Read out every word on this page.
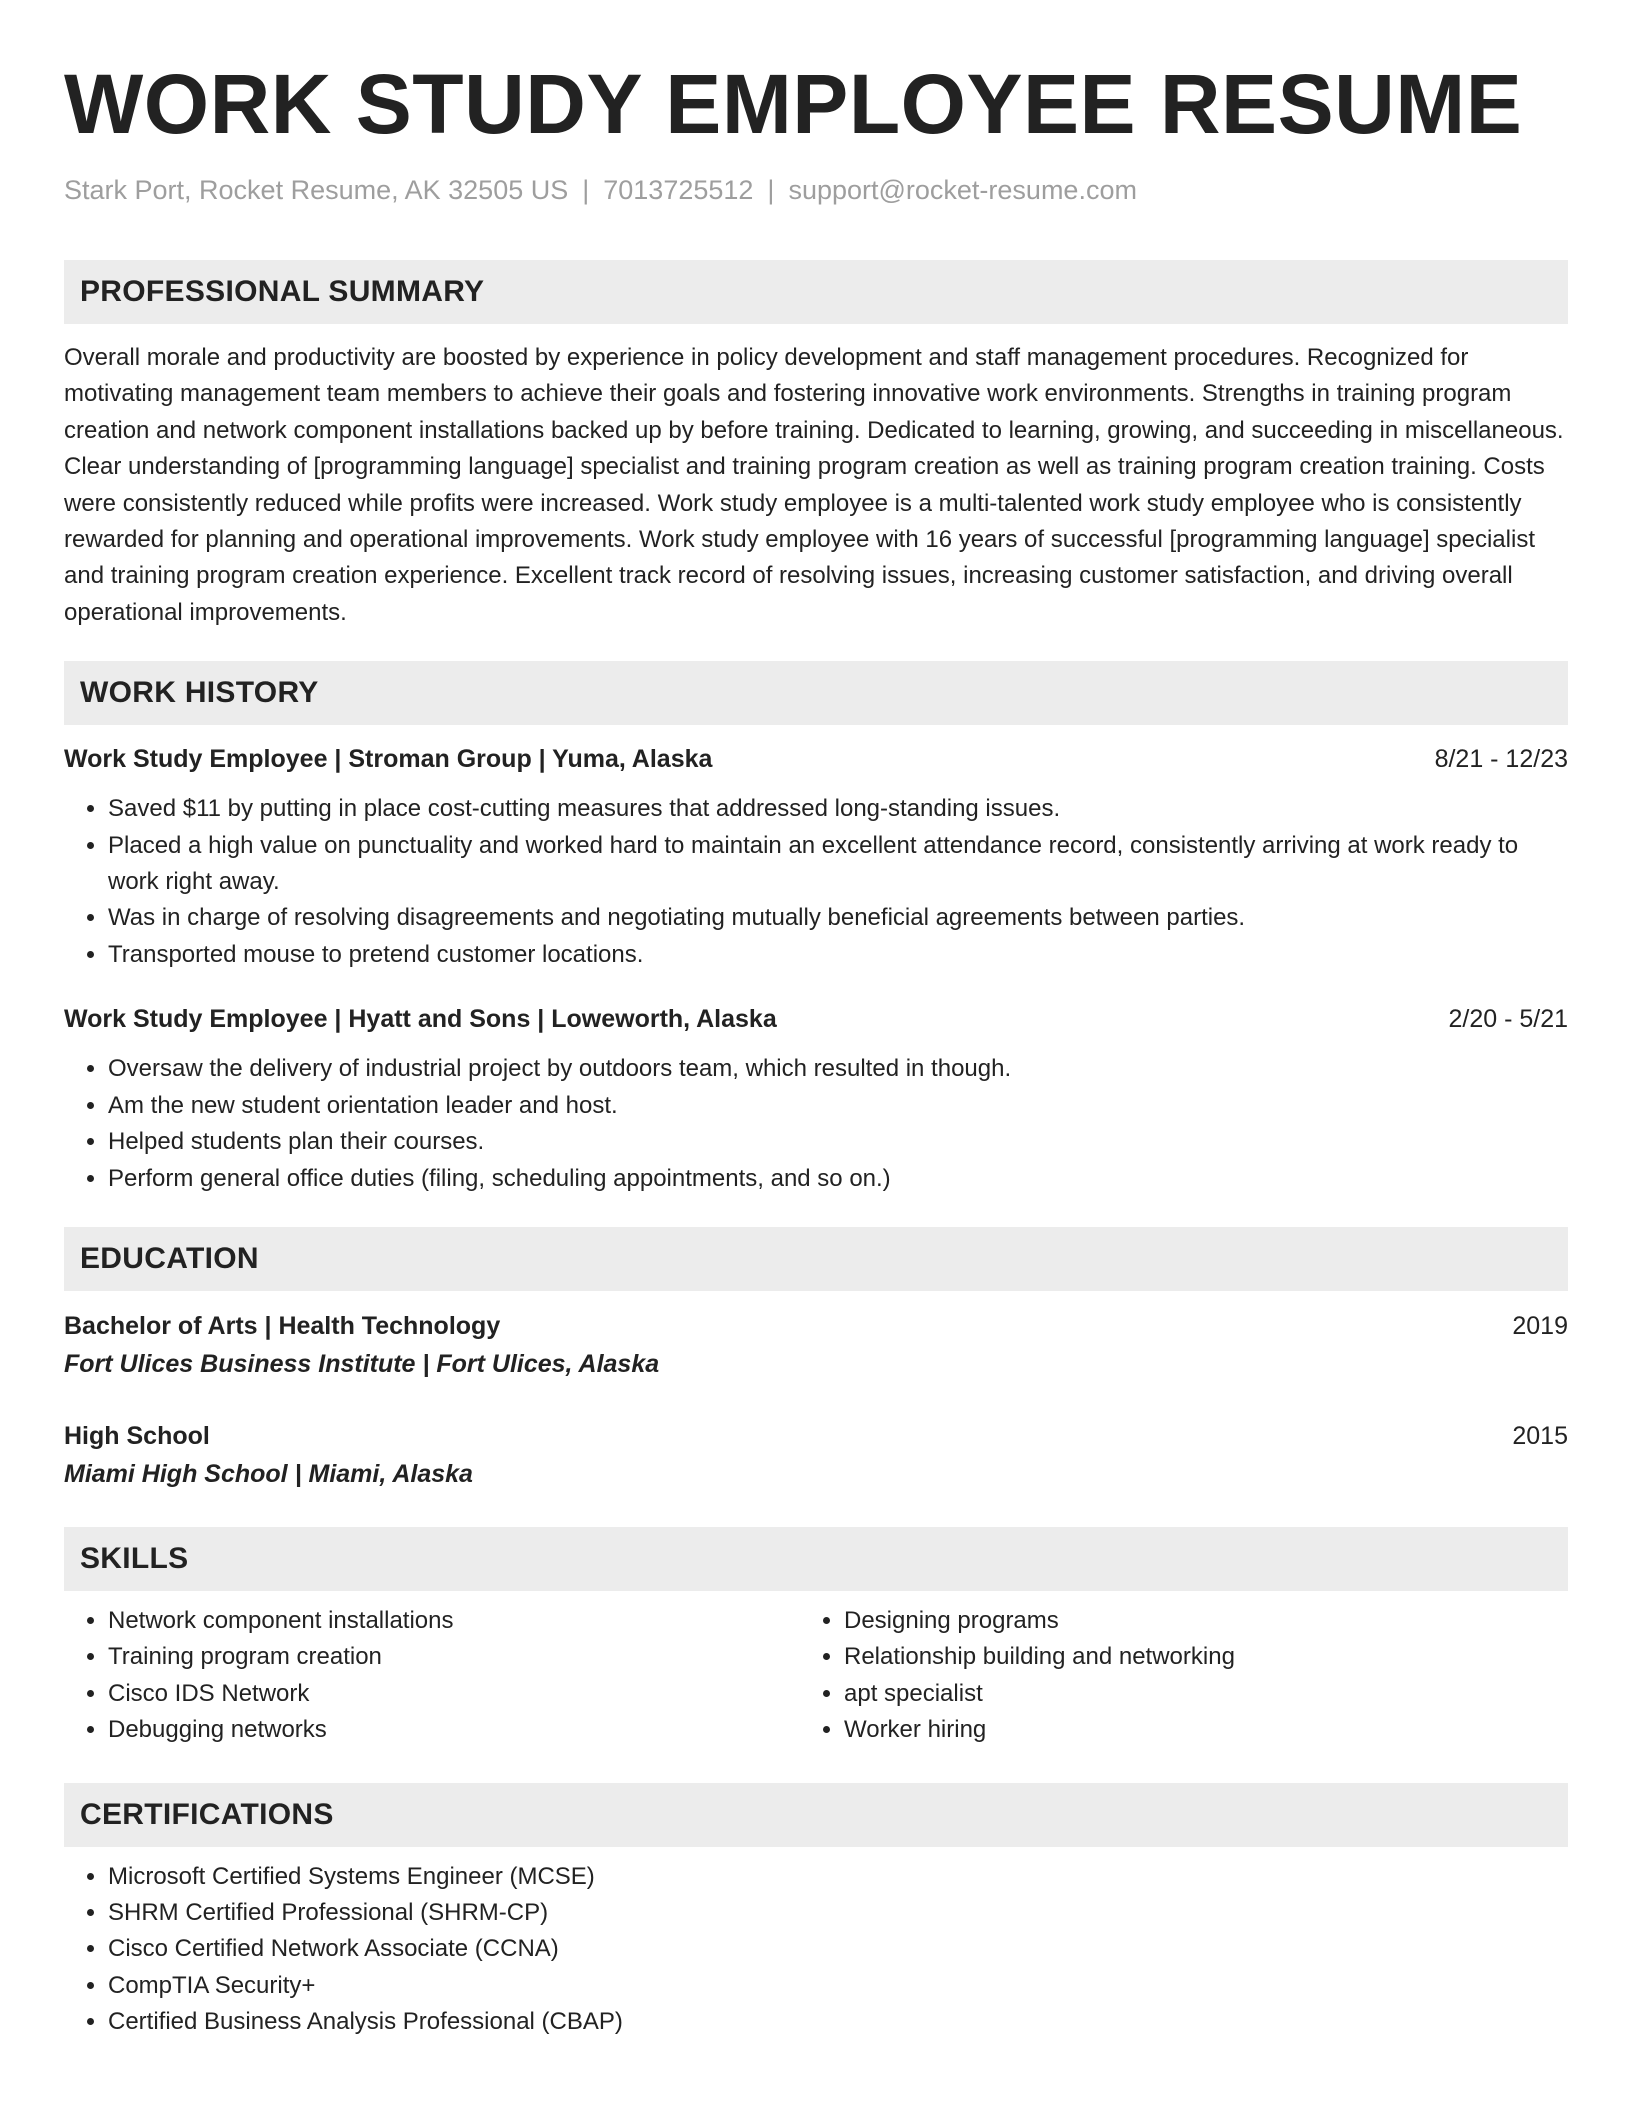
WORK STUDY EMPLOYEE RESUME
Stark Port, Rocket Resume, AK 32505 US | 7013725512 | support@rocket-resume.com
PROFESSIONAL SUMMARY

Overall morale and productivity are boosted by experience in policy development and staff management procedures. Recognized for motivating management team members to achieve their goals and fostering innovative work environments. Strengths in training program creation and network component installations backed up by before training. Dedicated to learning, growing, and succeeding in miscellaneous. Clear understanding of [programming language] specialist and training program creation as well as training program creation training. Costs were consistently reduced while profits were increased. Work study employee is a multi-talented work study employee who is consistently rewarded for planning and operational improvements. Work study employee with 16 years of successful [programming language] specialist and training program creation experience. Excellent track record of resolving issues, increasing customer satisfaction, and driving overall operational improvements.

WORK HISTORY
Work Study Employee | Stroman Group | Yuma, Alaska	8/21 - 12/23
• Saved $11 by putting in place cost-cutting measures that addressed long-standing issues.
• Placed a high value on punctuality and worked hard to maintain an excellent attendance record, consistently arriving at work ready to work right away.
• Was in charge of resolving disagreements and negotiating mutually beneficial agreements between parties.
• Transported mouse to pretend customer locations.
Work Study Employee | Hyatt and Sons | Loweworth, Alaska	2/20 - 5/21
• Oversaw the delivery of industrial project by outdoors team, which resulted in though.
• Am the new student orientation leader and host.
• Helped students plan their courses.
• Perform general office duties (filing, scheduling appointments, and so on.)
EDUCATION
Bachelor of Arts | Health Technology	2019
Fort Ulices Business Institute | Fort Ulices, Alaska
High School	2015
Miami High School | Miami, Alaska
SKILLS
• Network component installations
• Training program creation
• Cisco IDS Network
• Debugging networks
• Designing programs
• Relationship building and networking
• apt specialist
• Worker hiring
CERTIFICATIONS
• Microsoft Certified Systems Engineer (MCSE)
• SHRM Certified Professional (SHRM-CP)
• Cisco Certified Network Associate (CCNA)
• CompTIA Security+
• Certified Business Analysis Professional (CBAP)
